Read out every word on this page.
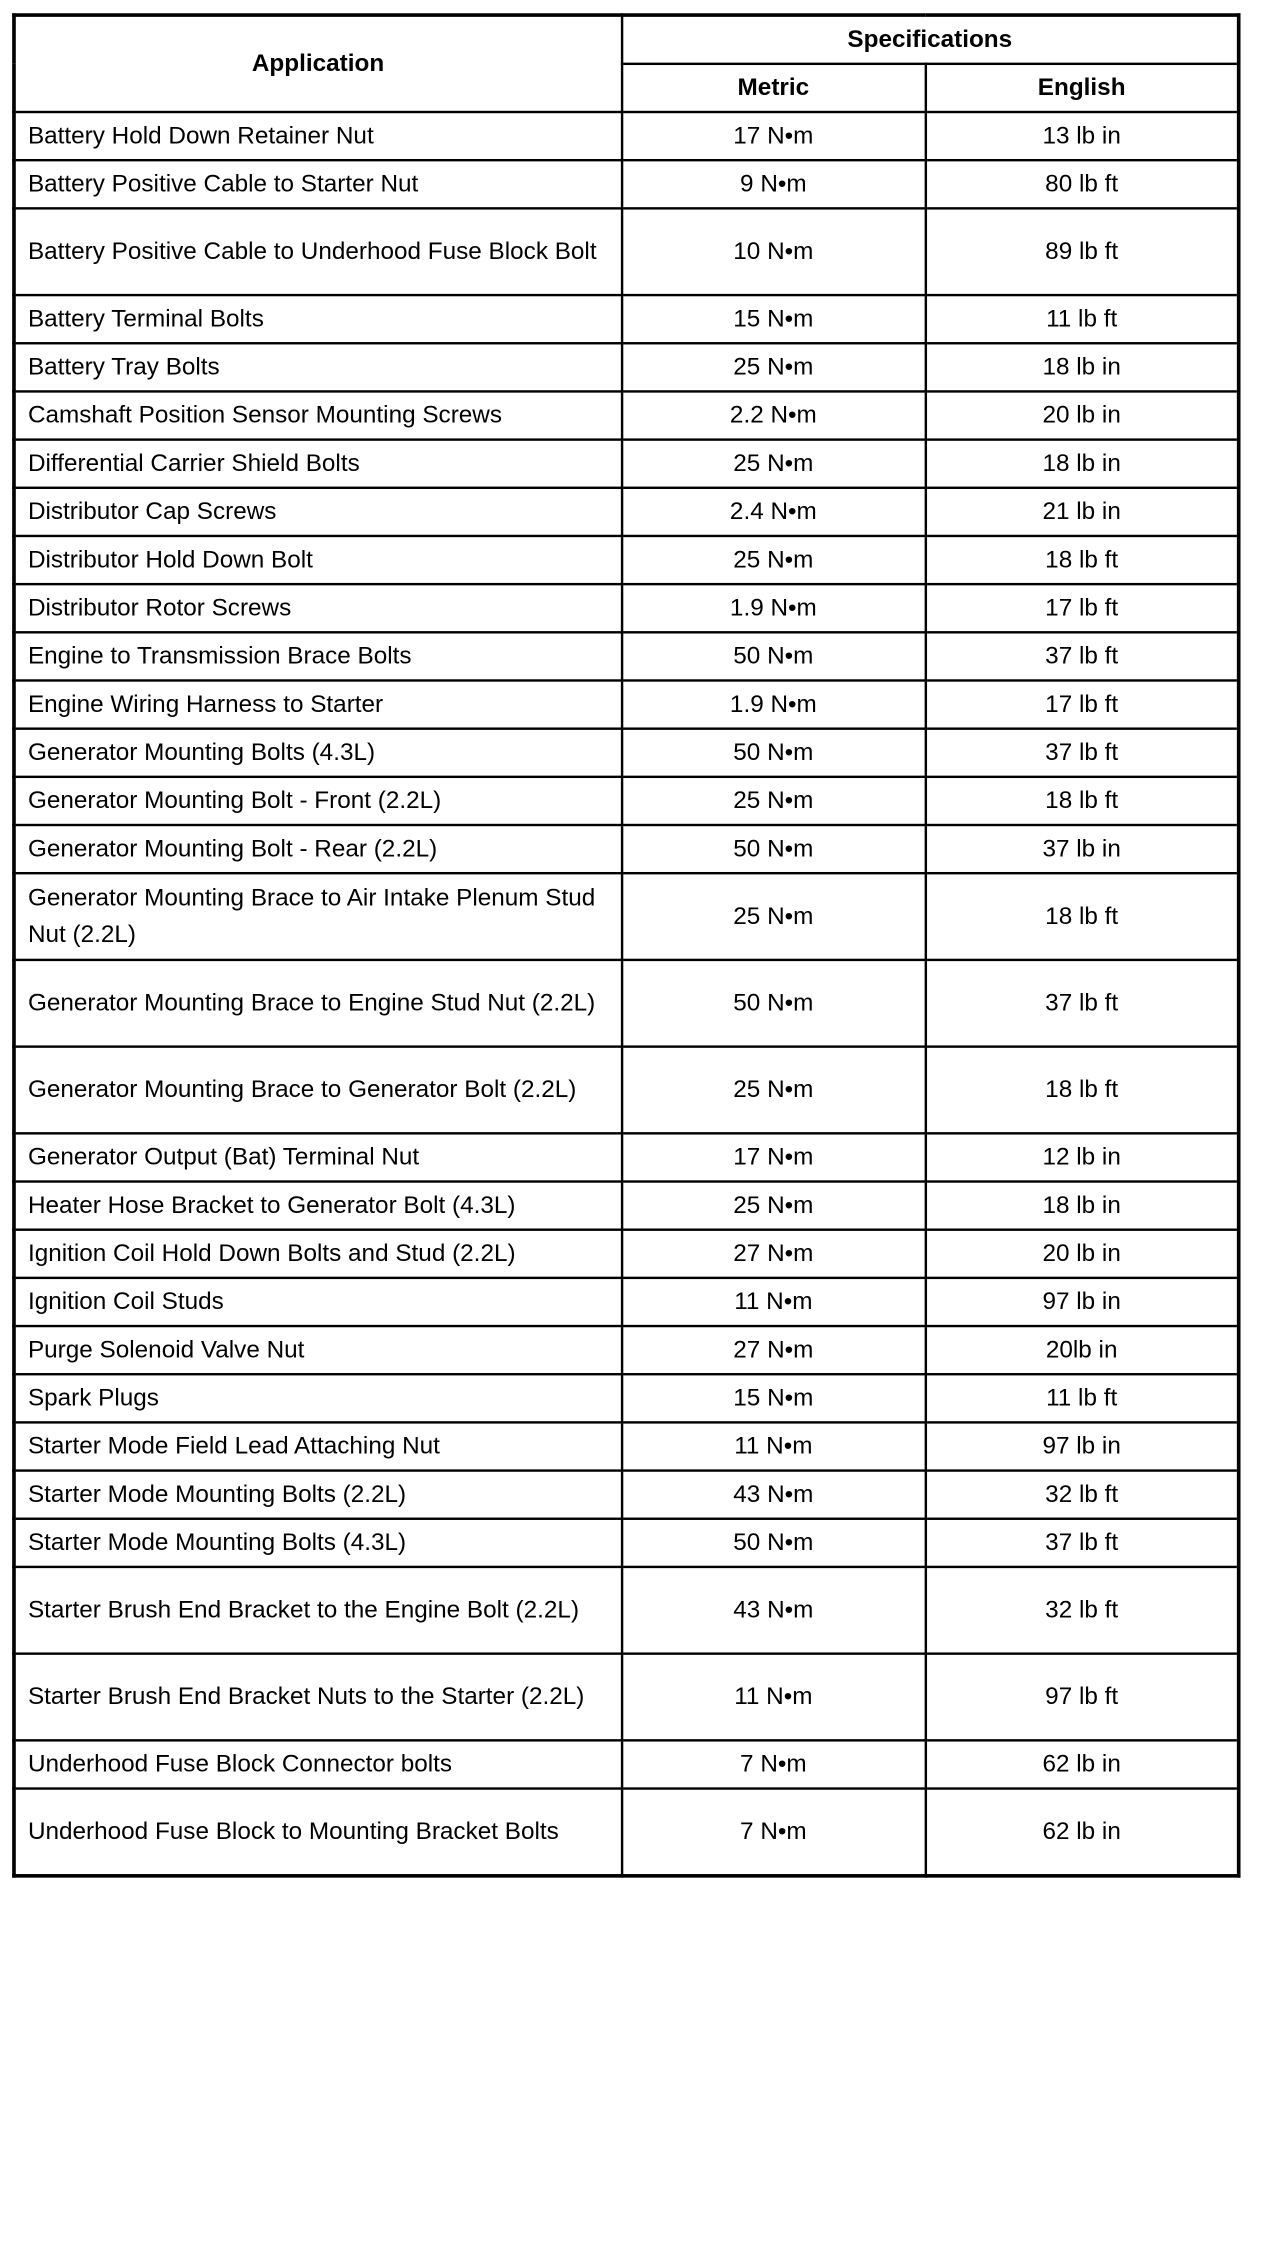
Application	Specifications	
	Metric	English
Battery Hold Down Retainer Nut	17 N•m	13 lb in
Battery Positive Cable to Starter Nut	9 N•m	80 lb ft
Battery Positive Cable to Underhood Fuse Block Bolt	10 N•m	89 lb ft
Battery Terminal Bolts	15 N•m	11 lb ft
Battery Tray Bolts	25 N•m	18 lb in
Camshaft Position Sensor Mounting Screws	2.2 N•m	20 lb in
Differential Carrier Shield Bolts	25 N•m	18 lb in
Distributor Cap Screws	2.4 N•m	21 lb in
Distributor Hold Down Bolt	25 N•m	18 lb ft
Distributor Rotor Screws	1.9 N•m	17 lb ft
Engine to Transmission Brace Bolts	50 N•m	37 lb ft
Engine Wiring Harness to Starter	1.9 N•m	17 lb ft
Generator Mounting Bolts (4.3L)	50 N•m	37 lb ft
Generator Mounting Bolt - Front (2.2L)	25 N•m	18 lb ft
Generator Mounting Bolt - Rear (2.2L)	50 N•m	37 lb in
Generator Mounting Brace to Air Intake Plenum Stud Nut (2.2L)	25 N•m	18 lb ft
Generator Mounting Brace to Engine Stud Nut (2.2L)	50 N•m	37 lb ft
Generator Mounting Brace to Generator Bolt (2.2L)	25 N•m	18 lb ft
Generator Output (Bat) Terminal Nut	17 N•m	12 lb in
Heater Hose Bracket to Generator Bolt (4.3L)	25 N•m	18 lb in
Ignition Coil Hold Down Bolts and Stud (2.2L)	27 N•m	20 lb in
Ignition Coil Studs	11 N•m	97 lb in
Purge Solenoid Valve Nut	27 N•m	20lb in
Spark Plugs	15 N•m	11 lb ft
Starter Mode Field Lead Attaching Nut	11 N•m	97 lb in
Starter Mode Mounting Bolts (2.2L)	43 N•m	32 lb ft
Starter Mode Mounting Bolts (4.3L)	50 N•m	37 lb ft
Starter Brush End Bracket to the Engine Bolt (2.2L)	43 N•m	32 lb ft
Starter Brush End Bracket Nuts to the Starter (2.2L)	11 N•m	97 lb ft
Underhood Fuse Block Connector bolts	7 N•m	62 lb in
Underhood Fuse Block to Mounting Bracket Bolts	7 N•m	62 lb in
